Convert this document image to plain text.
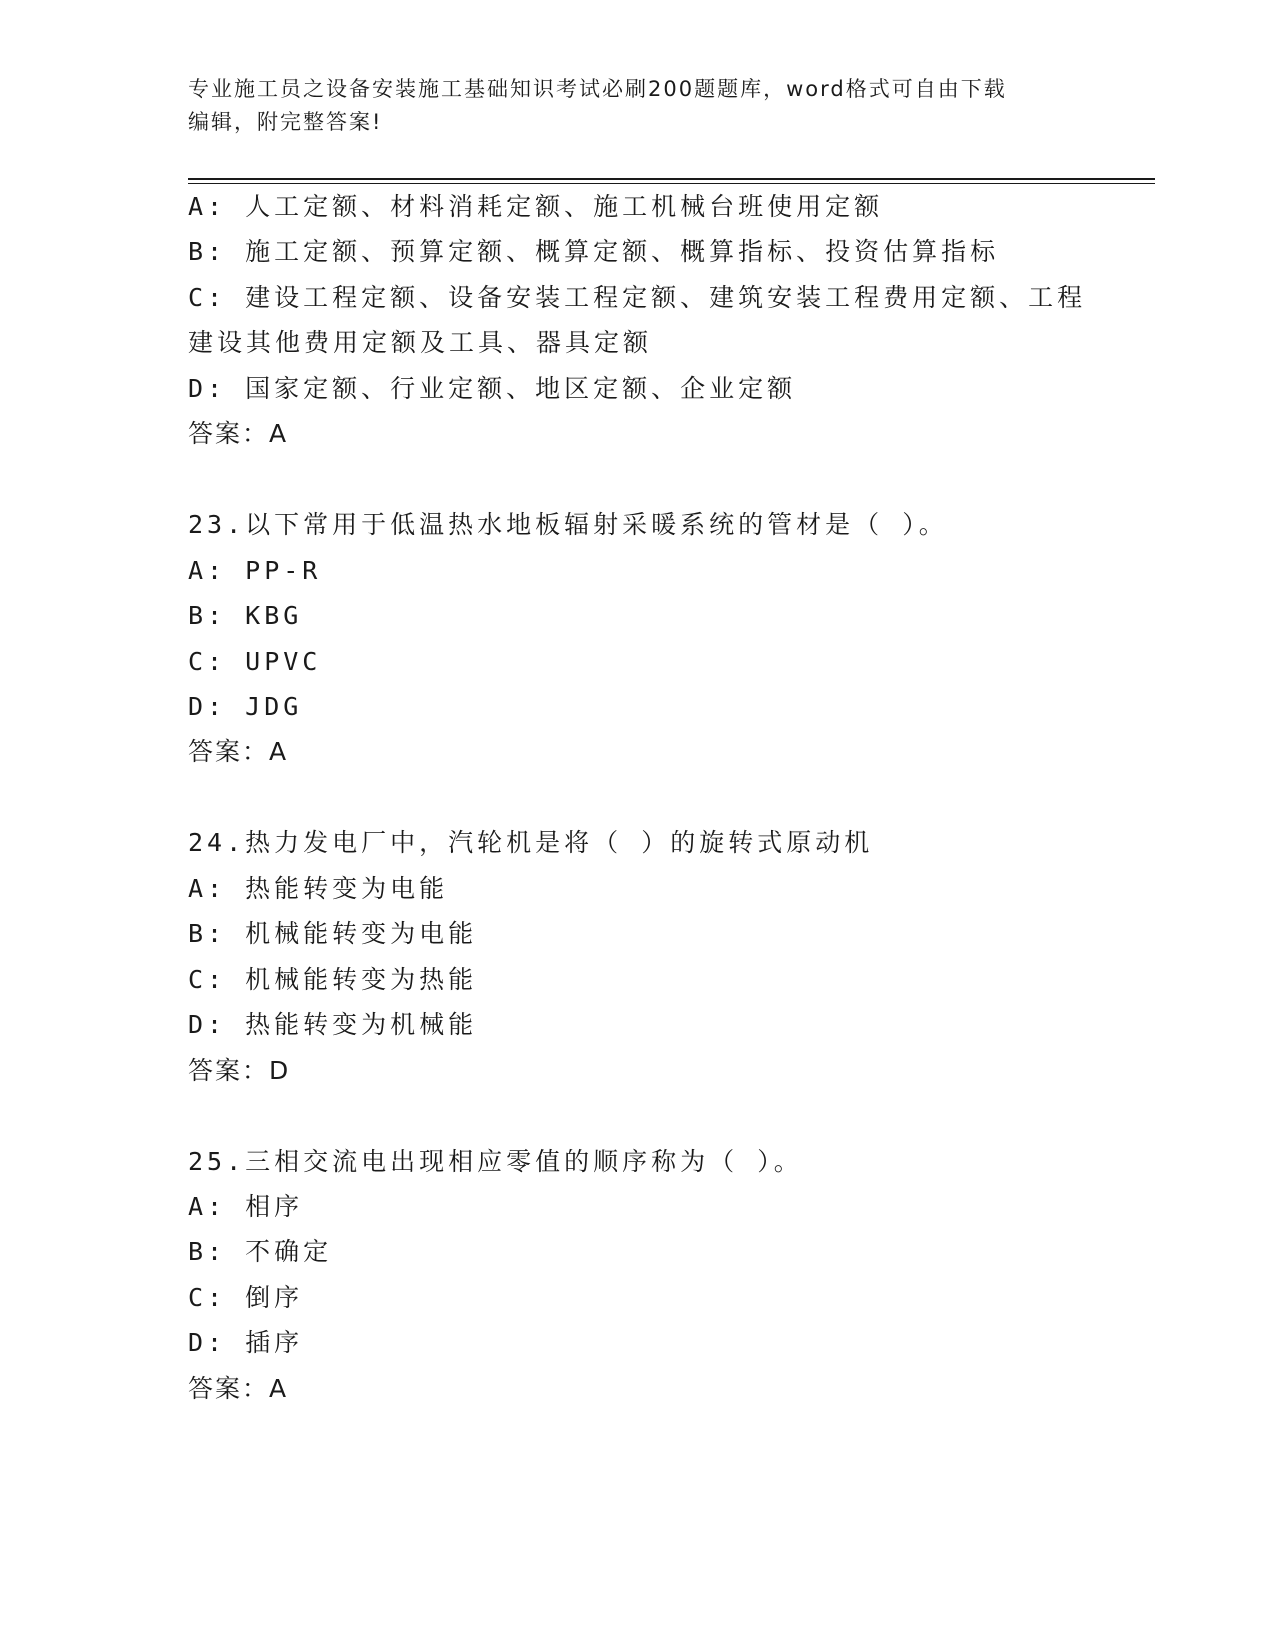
专业施工员之设备安装施工基础知识考试必刷200题题库，word格式可自由下载
编辑，附完整答案!
A: 人工定额、材料消耗定额、施工机械台班使用定额
B: 施工定额、预算定额、概算定额、概算指标、投资估算指标
C: 建设工程定额、设备安装工程定额、建筑安装工程费用定额、工程
建设其他费用定额及工具、器具定额
D: 国家定额、行业定额、地区定额、企业定额
答案：A
23.以下常用于低温热水地板辐射采暖系统的管材是（ ）。
A: PP-R
B: KBG
C: UPVC
D: JDG
答案：A
24.热力发电厂中，汽轮机是将（ ）的旋转式原动机
A: 热能转变为电能
B: 机械能转变为电能
C: 机械能转变为热能
D: 热能转变为机械能
答案：D
25.三相交流电出现相应零值的顺序称为（ ）。
A: 相序
B: 不确定
C: 倒序
D: 插序
答案：A
